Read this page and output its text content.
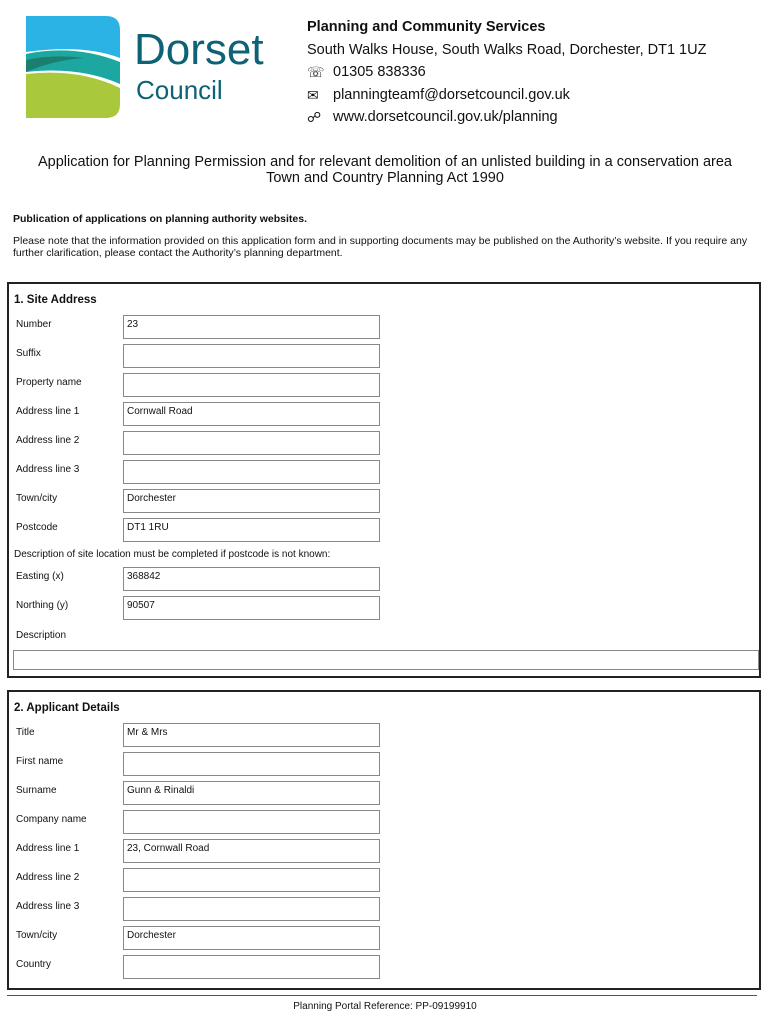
Dorset
Council
Planning and Community Services
South Walks House, South Walks Road, Dorchester, DT1 1UZ
☏ 01305 838336
✉ planningteamf@dorsetcouncil.gov.uk
☍ www.dorsetcouncil.gov.uk/planning
Application for Planning Permission and for relevant demolition of an unlisted building in a conservation area
Town and Country Planning Act 1990
Publication of applications on planning authority websites.
Please note that the information provided on this application form and in supporting documents may be published on the Authority’s website. If you require any further clarification, please contact the Authority’s planning department.
1. Site Address
Number	23
Suffix
Property name
Address line 1	Cornwall Road
Address line 2
Address line 3
Town/city	Dorchester
Postcode	DT1 1RU
Description of site location must be completed if postcode is not known:
Easting (x)	368842
Northing (y)	90507
Description
2. Applicant Details
Title	Mr & Mrs
First name
Surname	Gunn & Rinaldi
Company name
Address line 1	23, Cornwall Road
Address line 2
Address line 3
Town/city	Dorchester
Country
Planning Portal Reference: PP-09199910
